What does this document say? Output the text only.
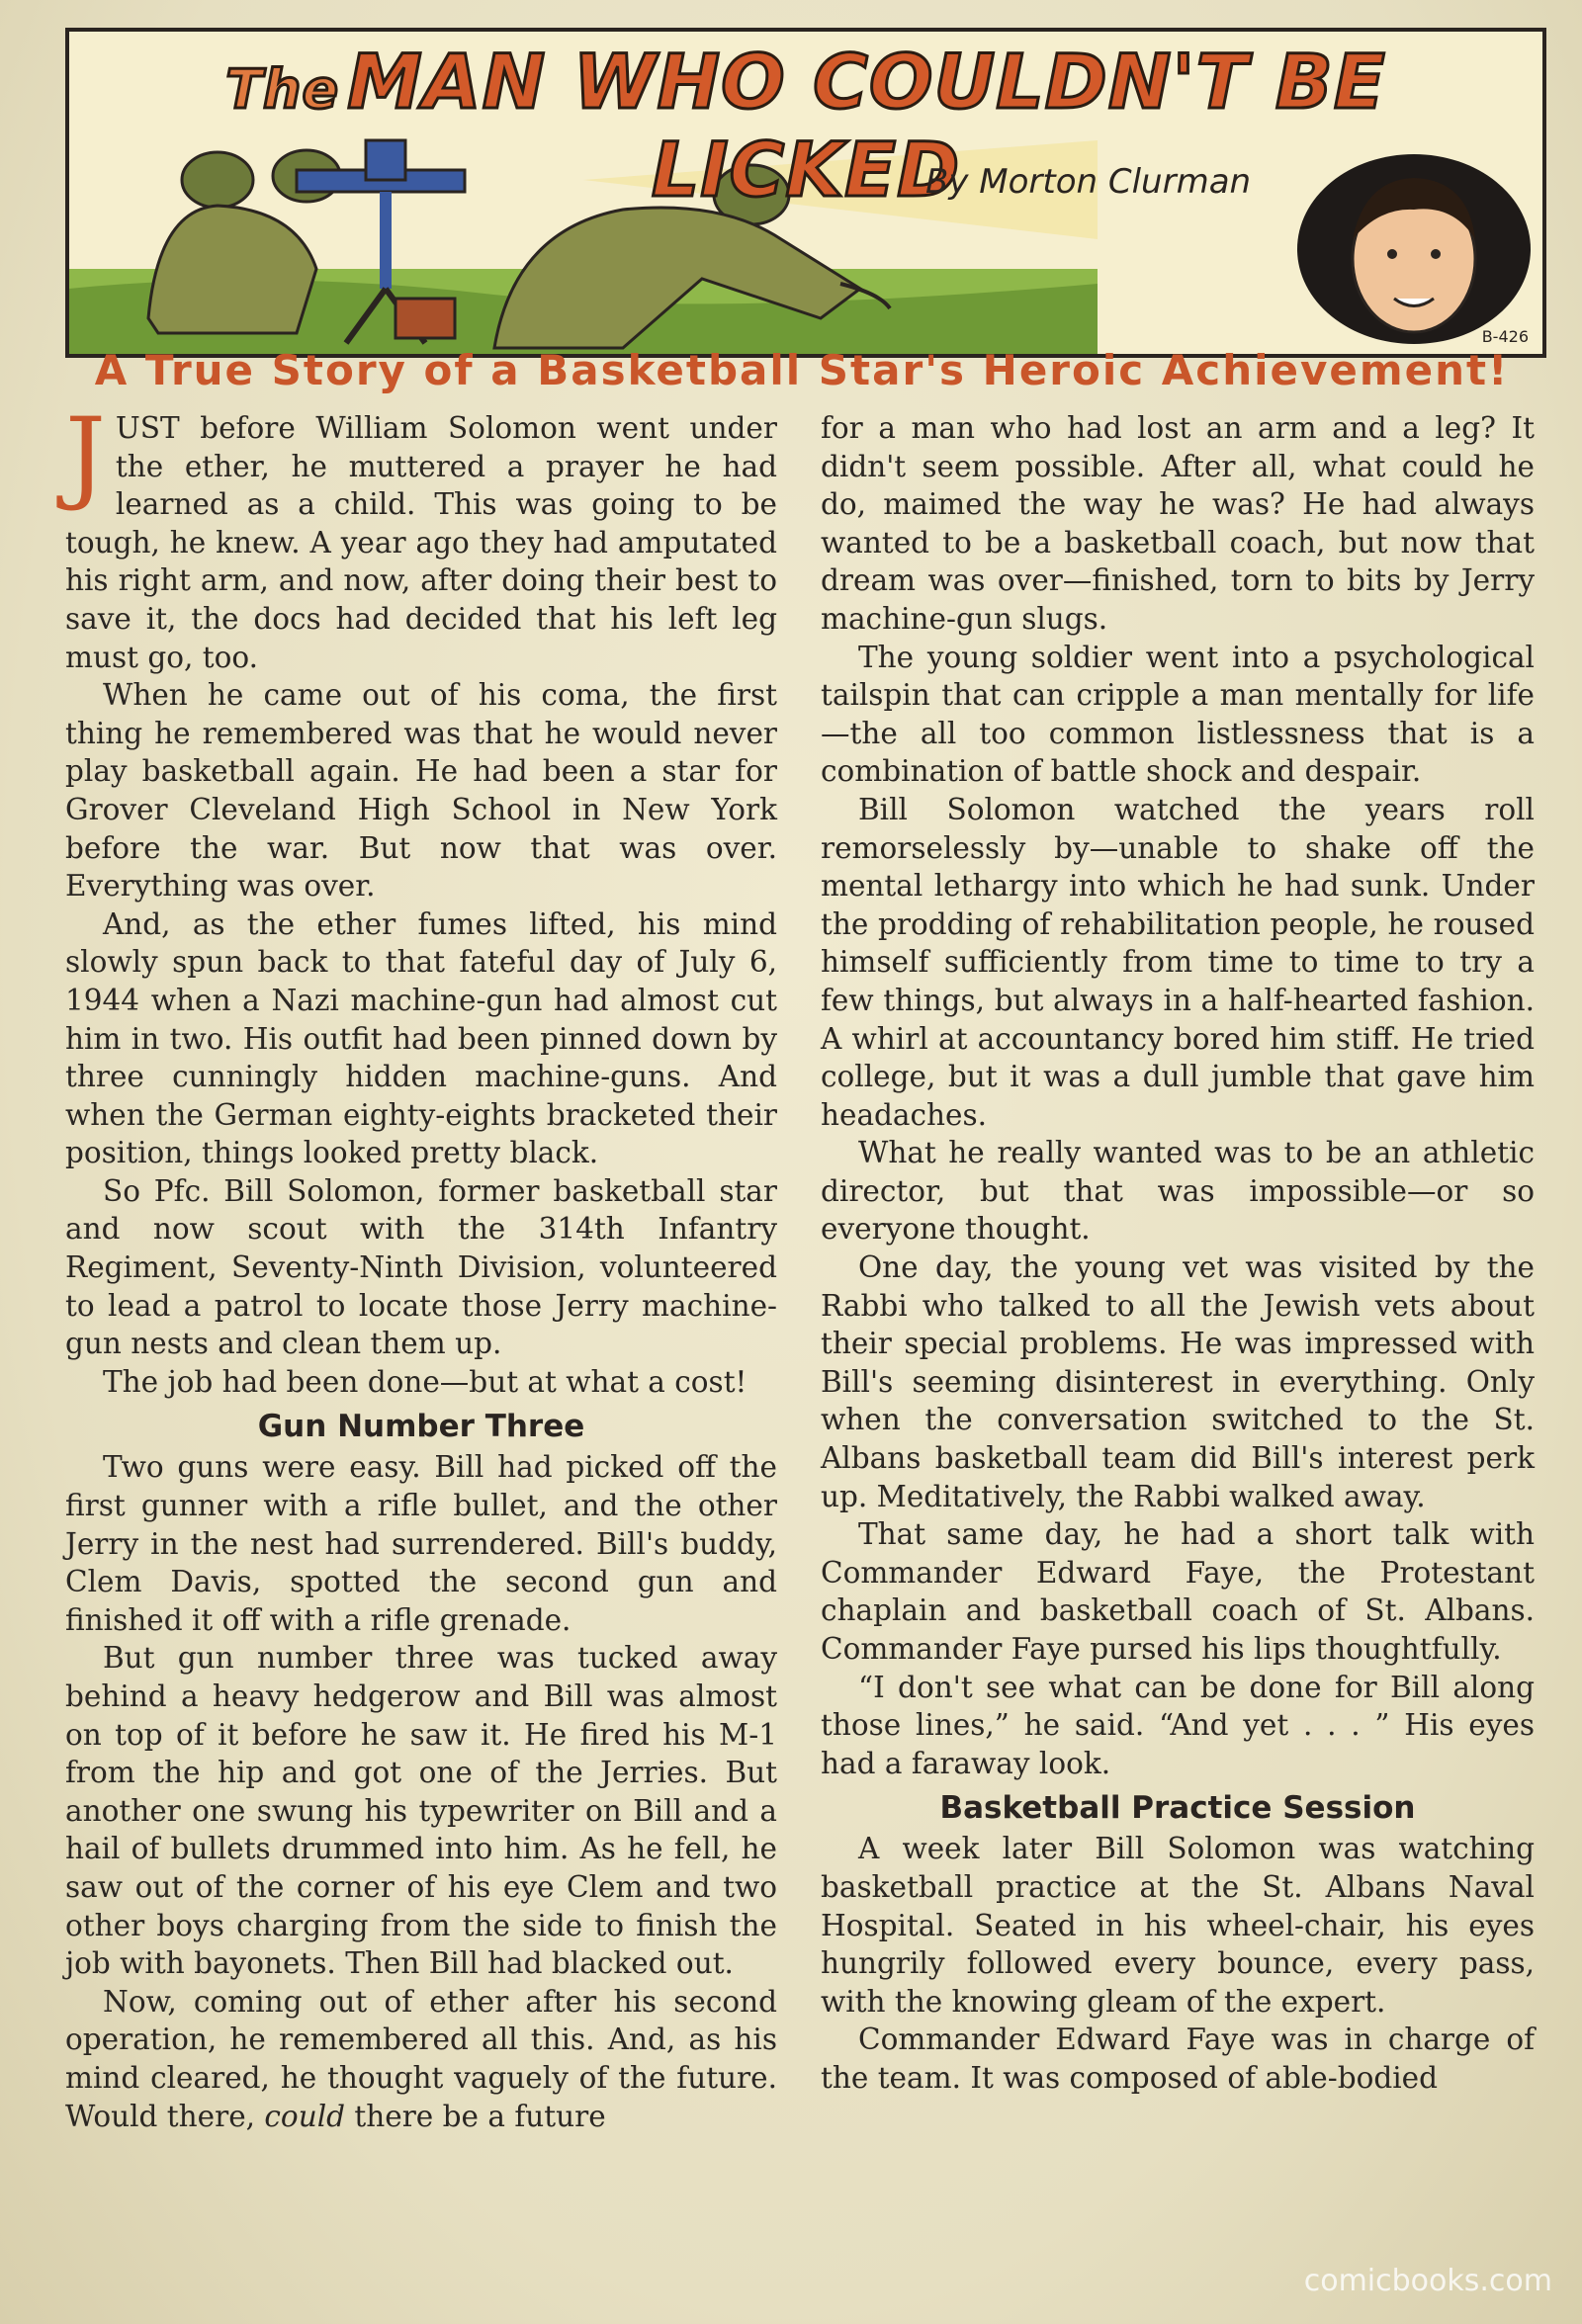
The MAN WHO COULDN'T BE LICKED
By Morton Clurman
B-426
A True Story of a Basketball Star's Heroic Achievement!

JUST before William Solomon went under the ether, he muttered a prayer he had learned as a child. This was going to be tough, he knew. A year ago they had amputated his right arm, and now, after doing their best to save it, the docs had decided that his left leg must go, too.

When he came out of his coma, the first thing he remembered was that he would never play basketball again. He had been a star for Grover Cleveland High School in New York before the war. But now that was over. Everything was over.

And, as the ether fumes lifted, his mind slowly spun back to that fateful day of July 6, 1944 when a Nazi machine-gun had almost cut him in two. His outfit had been pinned down by three cunningly hidden machine-guns. And when the German eighty-eights bracketed their position, things looked pretty black.

So Pfc. Bill Solomon, former basketball star and now scout with the 314th Infantry Regiment, Seventy-Ninth Division, volunteered to lead a patrol to locate those Jerry machine-gun nests and clean them up.

The job had been done—but at what a cost!

Gun Number Three

Two guns were easy. Bill had picked off the first gunner with a rifle bullet, and the other Jerry in the nest had surrendered. Bill's buddy, Clem Davis, spotted the second gun and finished it off with a rifle grenade.

But gun number three was tucked away behind a heavy hedgerow and Bill was almost on top of it before he saw it. He fired his M-1 from the hip and got one of the Jerries. But another one swung his typewriter on Bill and a hail of bullets drummed into him. As he fell, he saw out of the corner of his eye Clem and two other boys charging from the side to finish the job with bayonets. Then Bill had blacked out.

Now, coming out of ether after his second operation, he remembered all this. And, as his mind cleared, he thought vaguely of the future. Would there, could there be a future

for a man who had lost an arm and a leg? It didn't seem possible. After all, what could he do, maimed the way he was? He had always wanted to be a basketball coach, but now that dream was over—finished, torn to bits by Jerry machine-gun slugs.

The young soldier went into a psychological tailspin that can cripple a man mentally for life—the all too common listlessness that is a combination of battle shock and despair.

Bill Solomon watched the years roll remorselessly by—unable to shake off the mental lethargy into which he had sunk. Under the prodding of rehabilitation people, he roused himself sufficiently from time to time to try a few things, but always in a half-hearted fashion. A whirl at accountancy bored him stiff. He tried college, but it was a dull jumble that gave him headaches.

What he really wanted was to be an athletic director, but that was impossible—or so everyone thought.

One day, the young vet was visited by the Rabbi who talked to all the Jewish vets about their special problems. He was impressed with Bill's seeming disinterest in everything. Only when the conversation switched to the St. Albans basketball team did Bill's interest perk up. Meditatively, the Rabbi walked away.

That same day, he had a short talk with Commander Edward Faye, the Protestant chaplain and basketball coach of St. Albans. Commander Faye pursed his lips thoughtfully.

“I don't see what can be done for Bill along those lines,” he said. “And yet . . . ” His eyes had a faraway look.

Basketball Practice Session

A week later Bill Solomon was watching basketball practice at the St. Albans Naval Hospital. Seated in his wheel-chair, his eyes hungrily followed every bounce, every pass, with the knowing gleam of the expert.

Commander Edward Faye was in charge of the team. It was composed of able-bodied

comicbooks.com
